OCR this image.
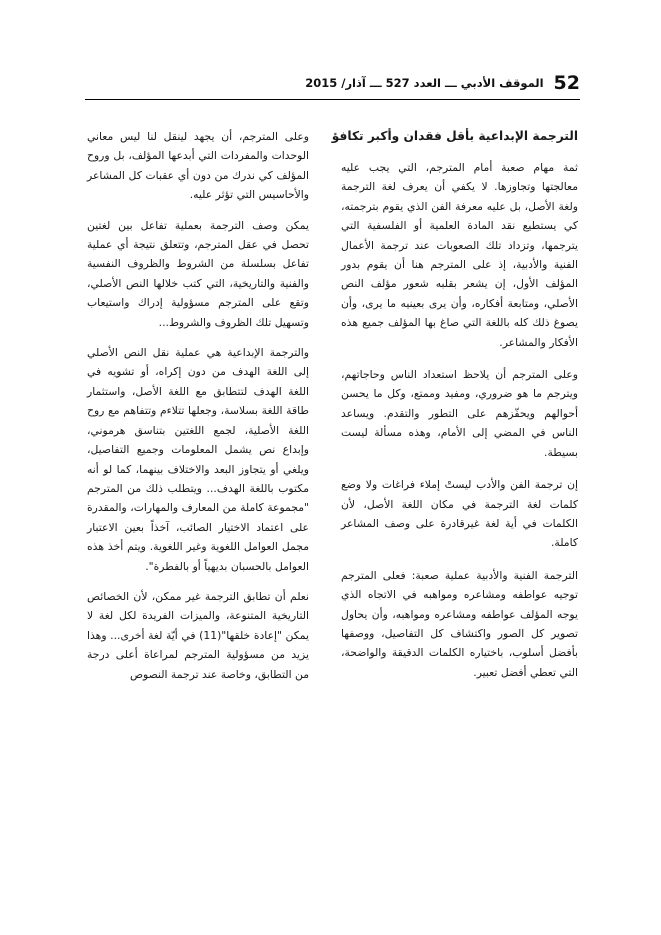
52
الموقف الأدبي ـــ العدد 527 ـــ آذار/ 2015
الترجمة الإبداعية بأقل فقدان وأكبر تكافؤ

ثمة مهام صعبة أمام المترجم، التي يجب عليه معالجتها وتجاوزها. لا يكفي أن يعرف لغة الترجمة ولغة الأصل، بل عليه معرفة الفن الذي يقوم بترجمته، كي يستطيع نقد المادة العلمية أو الفلسفية التي يترجمها، وتزداد تلك الصعوبات عند ترجمة الأعمال الفنية والأدبية، إذ على المترجم هنا أن يقوم بدور المؤلف الأول، إن يشعر بقلبه شعور مؤلف النص الأصلي، ومتابعة أفكاره، وأن يرى بعينيه ما يرى، وأن يصوغ ذلك كله باللغة التي صاغ بها المؤلف جميع هذه الأفكار والمشاعر.

وعلى المترجم أن يلاحظ استعداد الناس وحاجاتهم، ويترجم ما هو ضروري، ومفيد وممتع، وكل ما يحسن أحوالهم ويحفّزهم على التطور والتقدم. ويساعد الناس في المضي إلى الأمام، وهذه مسألة ليست بسيطة.

إن ترجمة الفن والأدب ليستْ إملاء فراغات ولا وضع كلمات لغة الترجمة في مكان اللغة الأصل، لأن الكلمات في أية لغة غيرقادرة على وصف المشاعر كاملة.

الترجمة الفنية والأدبية عملية صعبة: فعلى المترجم توجيه عواطفه ومشاعره ومواهبه في الاتجاه الذي يوجه المؤلف عواطفه ومشاعره ومواهبه، وأن يحاول تصوير كل الصور واكتشاف كل التفاصيل، ووصفها بأفضل أسلوب، باختياره الكلمات الدقيقة والواضحة، التي تعطي أفضل تعبير.

وعلى المترجم، أن يجهد لينقل لنا ليس معاني الوحدات والمفردات التي أبدعها المؤلف، بل وروح المؤلف كي ندرك من دون أي عقبات كل المشاعر والأحاسيس التي تؤثر عليه.

يمكن وصف الترجمة بعملية تفاعل بين لغتين تحصل في عقل المترجم، وتتعلق نتيجة أي عملية تفاعل بسلسلة من الشروط والظروف النفسية والفنية والتاريخية، التي كتب خلالها النص الأصلي، وتقع على المترجم مسؤولية إدراك واستيعاب وتسهيل تلك الظروف والشروط...

والترجمة الإبداعية هي عملية نقل النص الأصلي إلى اللغة الهدف من دون إكراه، أو تشويه في اللغة الهدف لتتطابق مع اللغة الأصل، واستثمار طاقة اللغة بسلاسة، وجعلها تتلاءم وتتفاهم مع روح اللغة الأصلية، لجمع اللغتين بتناسق هرموني، وإبداع نص يشمل المعلومات وجميع التفاصيل، ويلغي أو يتجاوز البعد والاختلاف بينهما، كما لو أنه مكتوب باللغة الهدف... ويتطلب ذلك من المترجم "مجموعة كاملة من المعارف والمهارات، والمقدرة على اعتماد الاختيار الصائب، آخذاً بعين الاعتبار مجمل العوامل اللغوية وغير اللغوية. ويتم أخذ هذه العوامل بالحسبان بديهياً أو بالفطرة".

نعلم أن تطابق الترجمة غير ممكن، لأن الخصائص التاريخية المتنوعة، والميزات الفريدة لكل لغة لا يمكن "إعادة خلقها"(11) في أيّة لغة أخرى... وهذا يزيد من مسؤولية المترجم لمراعاة أعلى درجة من التطابق، وخاصة عند ترجمة النصوص
